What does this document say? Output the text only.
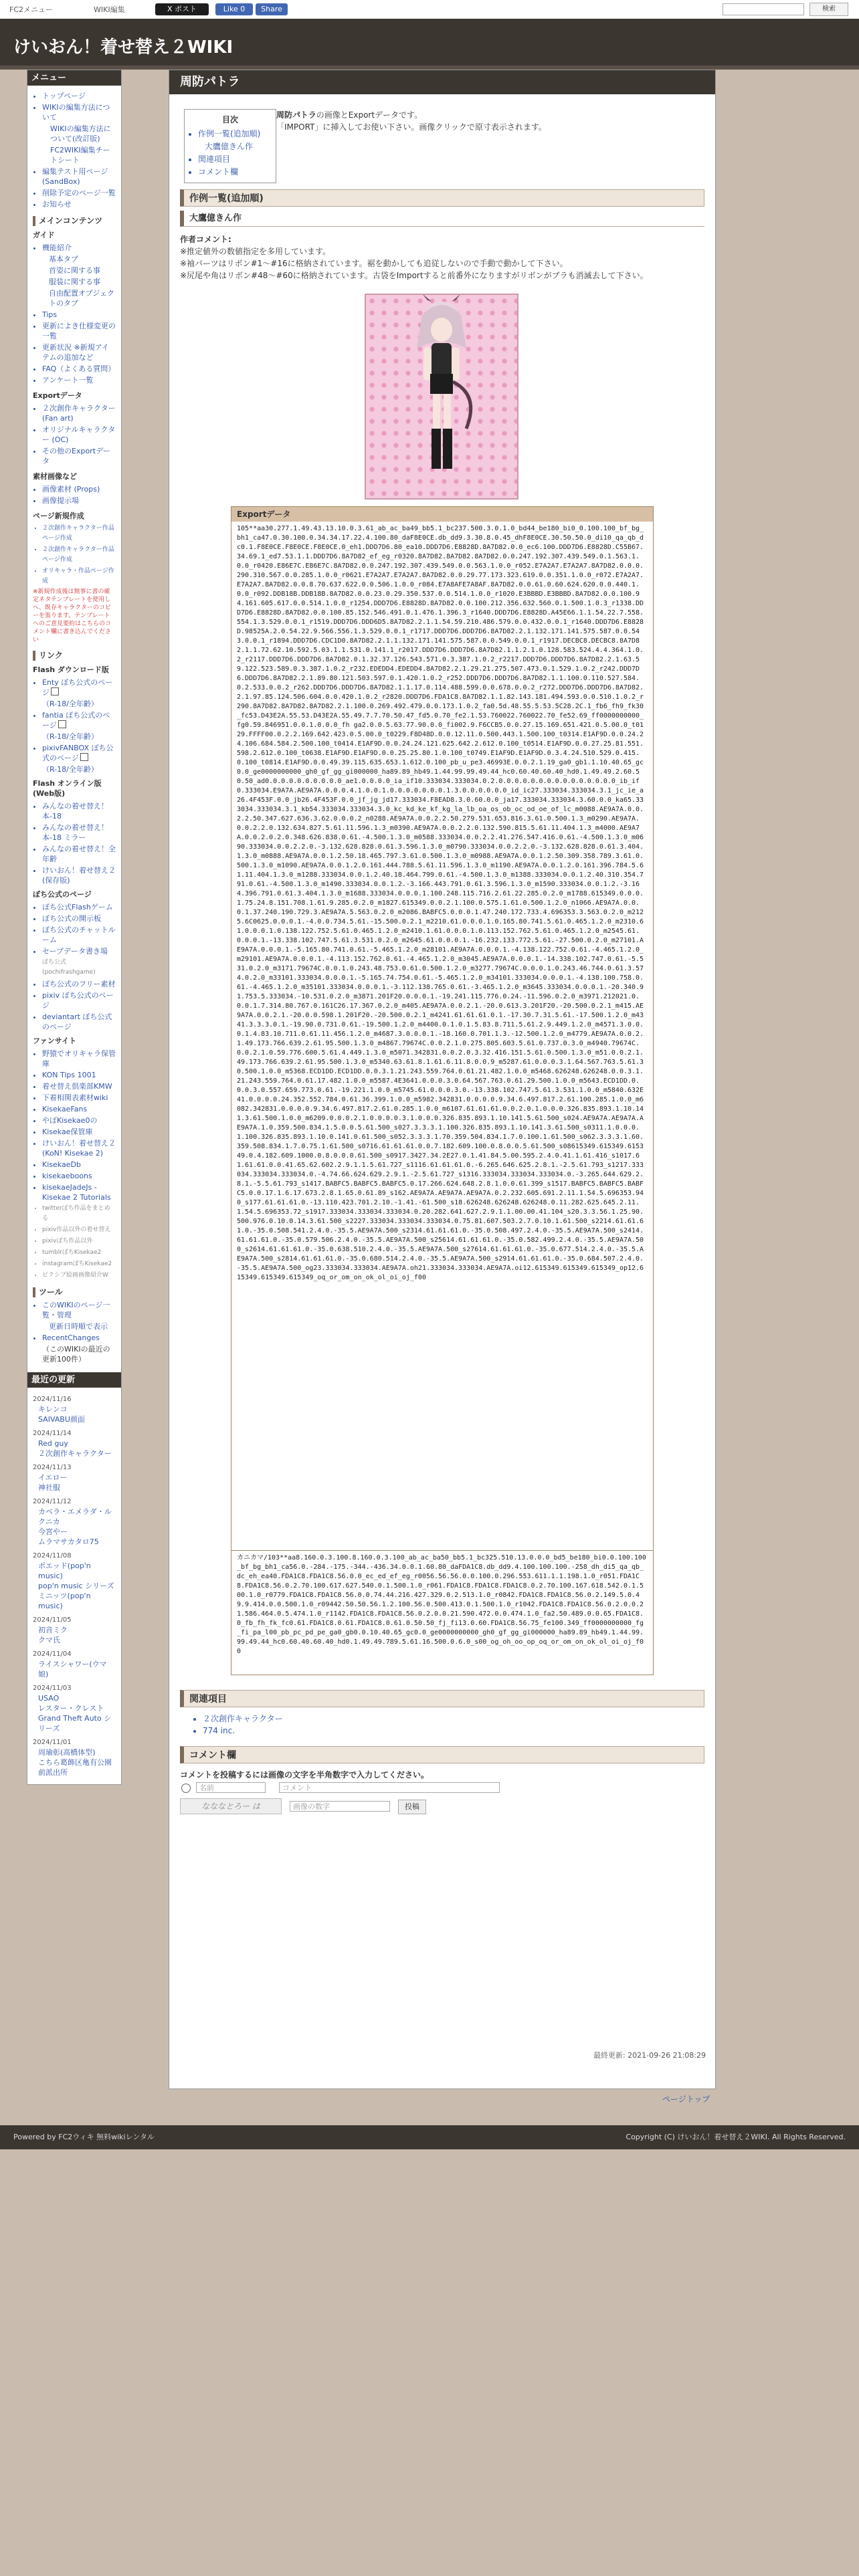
FC2メニュー	WIKI編集	X ポスト	Like 0	Share	検索
けいおん！着せ替え２WIKI
メニュー
• トップページ
• WIKIの編集方法について
WIKIの編集方法について(改訂版)
FC2WIKI編集チートシート
• 編集テスト用ページ(SandBox)
• 削除予定のページ一覧
• お知らせ
メインコンテンツ
ガイド
• 機能紹介
基本タブ
首姿に関する事
服装に関する事
自由配置オブジェクトのタブ
• Tips
• 更新によき仕様変更の一覧
• 更新状況 ※新規アイテムの追加など
• FAQ（よくある質問）
• アンケート一覧
Exportデータ
• ２次創作キャラクター (Fan art)
• オリジナルキャラクター (OC)
• その他のExportデータ
素材画像など
• 画像素材 (Props)
• 画像提示場
ページ新規作成
• ２次創作キャラクター作品ページ作成
• ２次創作キャラクター作品ページ作成
• オリキャラ・作品ページ作成
※新規作成後は無事に書の確定ネタテンプレートを使用しへ、既存キャラクターのコピーを張ります。テンプレートへのご意見要約はこちらのコメント欄に書き込んでください
リンク
Flash ダウンロード版
• Enty ぼち公式のページ
（R-18/全年齢）
• fantia ぼち公式のページ
（R-18/全年齢）
• pixivFANBOX ぼち公式のページ
（R-18/全年齢）
Flash オンライン版(Web版)
• みんなの着せ替え！本-18
• みんなの着せ替え！本-18 ミラー
• みんなの着せ替え！全年齢
• けいおん！着せ替え２(保存版)
ぼち公式のページ
• ぼち公式Flashゲーム
• ぼち公式の開示板
• ぼち公式のチャットルーム
• セーブデータ書き場
ぼち公式 (pochifrashgame)
• ぼち公式のフリー素材
• pixiv ぼち公式のページ
• deviantart ぼち公式のページ
ファンサイト
• 野猿でオリキャラ保管庫
• KON Tips 1001
• 着せ替え倶楽部KMW
• 下着相関表素材wiki
• KisekaeFans
• やぼKisekae0の
• Kisekae保管庫
• けいおん！着せ替え２ (KoN! Kisekae 2)
• KisekaeDb
• kisekaeboons
• kisekaeJadeJs - Kisekae 2 Tutorials
• twitterぼち作品をまとめる
• pixiv作品以外の着せ替え
• pixivぼち作品以外
• tumblrぼちKisekae2
• instagramぼちKisekae2
• ピクシブ絵画画像紹介W
ツール
• このWIKIのページ一覧・管理
更新日時順で表示
• RecentChanges
（このWIKIの最近の更新100件）
最近の更新
2024/11/16
キレンコ
SAIVABU颜面
2024/11/14
Red guy
２次創作キャラクター
2024/11/13
イエロー
神社服
2024/11/12
カベラ・エメラダ・ルクニカ
今宮やー
ムラマサカタロ75
2024/11/08
ポエッド(pop'n music)
pop'n music シリーズ
ミニッツ(pop'n music)
2024/11/05
初音ミク
クマ氏
2024/11/04
ライスシャワー(ウマ娘)
2024/11/03
USAO
レスター・クレスト
Grand Theft Auto シリーズ
2024/11/01
周瑜彰(高橋体型)
こちら葛飾区亀有公園前派出所
周防パトラ
目次
• 作例一覧(追加順)
大鷹億きん作
• 関連項目
• コメント欄
周防パトラの画像とExportデータです。
「IMPORT」に挿入してお使い下さい。画像クリックで原寸表示されます。
作例一覧(追加順)
大鷹億きん作
作者コメント:
※推定値外の数値指定を多用しています。
※袖パーツはリボン#1〜#16に格納されています。裾を動かしても追従しないので手動で動かして下さい。
※尻尾や角はリボン#48〜#60に格納されています。古袋をImportすると前番外になりますがリボンがブラも消滅去して下さい。
Exportデータ
105**aa30.277.1.49.43.13.10.0.3.61_ab_ac_ba49_bb5.1_bc237.500.3.0.1.0_bd44_be180_bi0_0.100.100_bf_bg_bh1_ca47.0.30.100.0.34.34.17.22.4.100.80_daF8E0CE.db_dd9.3.30.8.0.45_dhF8E0CE.30.50.50.0_di10_qa_qb_dc0.1.F8E0CE.F8E0CE.F8E0CE.0_eh1.DDD7D6.80_ea10.DDD7D6.E8828D.8A7D82.0.0_ec6.100.DDD7D6.E8828D.C55B67.34.69.1_ed7.53.1.1.DDD7D6.8A7D82_ef_eg_r0320.8A7D82.8A7D82.8A7D82.0.0.247.192.307.439.549.0.1.563.1.0.0_r0420.E86E7C.E86E7C.8A7D82.0.0.247.192.307.439.549.0.0.563.1.0.0_r052.E7A2A7.E7A2A7.8A7D82.0.0.0.290.310.567.0.0.285.1.0.0_r0621.E7A2A7.E7A2A7.8A7D82.0.0.29.77.173.323.619.0.0.351.1.0.0_r072.E7A2A7.E7A2A7.8A7D82.0.0.8.70.637.622.0.0.506.1.0.0_r084.E7A8AFE7A8AF.8A7D82.0.0.61.0.60.624.620.0.0.440.1.0.0_r092.DDB18B.DDB18B.8A7D82.0.0.23.0.29.350.537.0.0.514.1.0.0_r1020.E3BBBD.E3BBBD.8A7D82.0.0.100.94.161.605.617.0.0.514.1.0.0_r1254.DDD7D6.E8828D.8A7D82.0.0.100.212.356.632.560.0.1.500.1.0.3_r1338.DDD7D6.E8828D.8A7D82.0.0.100.85.152.546.491.0.1.476.1.396.3_r1640.DDD7D6.E8828D.A45E66.1.1.54.22.7.558.554.1.3.529.0.0.1_r1519.DDD7D6.DDD6D5.8A7D82.2.1.1.54.59.210.486.579.0.0.432.0.0.1_r1640.DDD7D6.E8828D.98525A.2.0.54.22.9.566.556.1.3.529.0.0.1_r1717.DDD7D6.DDD7D6.8A7D82.2.1.132.171.141.575.587.0.0.543.0.0.1_r1894.DDD7D6.CDC1D0.8A7D82.2.1.1.132.171.141.575.587.0.0.549.0.0.1_r1917.DECBC8.DECBC8.8A7D82.1.1.72.62.10.592.5.03.1.1.531.0.141.1_r2017.DDD7D6.DDD7D6.8A7D82.1.1.2.1.0.128.583.524.4.4.364.1.0.2_r2117.DDD7D6.DDD7D6.8A7D82.0.1.32.37.126.543.571.0.3.387.1.0.2_r2217.DDD7D6.DDD7D6.8A7D82.2.1.63.59.122.523.589.0.3.387.1.0.2_r232.EDEDD4.EDEDD4.8A7D82.2.1.29.21.275.507.473.0.1.529.1.0.2_r242.DDD7D6.DDD7D6.8A7D82.2.1.89.80.121.503.597.0.1.420.1.0.2_r252.DDD7D6.DDD7D6.8A7D82.1.1.100.0.110.527.584.0.2.533.0.0.2_r262.DDD7D6.DDD7D6.8A7D82.1.1.17.0.114.488.599.0.0.678.0.0.2_r272.DDD7D6.DDD7D6.8A7D82.2.1.97.85.124.506.604.0.0.420.1.0.2_r2820.DDD7D6.FDA1C8.8A7D82.1.1.82.143.181.494.593.0.0.510.1.0.2_r290.8A7D82.8A7D82.8A7D82.2.1.100.0.269.492.479.0.0.173.1.0.2_fa0.5d.48.55.5.53.5C28.2C.1_fb6_fh9_fk30_fc53.D43E2A.55.53.D43E2A.55.49.7.7.70.50.47_fd5.0.70_fe2.1.53.760022.760022.70_fe52.69_ff0000000000_fg0.59.846951.0.0.1.0.0.0_fh ga2.0.0.5.63.77.90.0.0_fi002.9.F6CCB5.0.0.27.15.169.651.421.0.5.00.0_t0129.FFFF00.0.2.2.169.642.423.0.5.00.0_t0229.F8D48D.0.0.12.11.0.500.443.1.500.100_t0314.E1AF9D.0.0.24.24.106.684.584.2.500.100_t0414.E1AF9D.0.0.24.24.121.625.642.2.612.0.100_t0514.E1AF9D.0.0.27.25.81.551.598.2.612.0.100_t0638.E1AF9D.E1AF9D.0.0.25.25.80.1.0.100_t0749.E1AF9D.E1AF9D.0.3.4.24.510.529.0.415.0.100_t0814.E1AF9D.0.0.49.39.115.635.653.1.612.0.100_pb_u_pe3.46993E.0.0.2.1.19_ga0_gb1.1.10.40.65_gc0.0_ge0000000000_gh0_gf_gg_gi000000_ha89.89_hb49.1.44.99.99.49.44_hc0.60.40.60.40_hd0.1.49.49.2.60.50.50_ad0.0.0.0.0.0.0.0.0.0_ae1.0.0.0.0_ia_if10.333034.333034.0.2.0.0.0.0.0.0.0.0.0.0.0.0.0.0.0_ib_if0.333034.E9A7A.AE9A7A.0.0.0.4.1.0.0.1.0.0.0.0.0.0.0.1.3.0.0.0.0.0.0_id_ic27.333034.333034.3.1_jc_ie_a26.4F453F.0.0_jb26.4F453F.0.0_jf_jg_jd17.333034.F8EAD8.3.0.60.0.0_ja17.333034.333034.3.60.0.0_ka65.333034.333034.3.1_kb54.333034.333034.3.0_kc_kd_ke_kf_kg_la_lb_oa_os_ob_oc_od_oe_of_lc_m0088.AE9A7A.0.0.2.2.50.347.627.636.3.62.0.0.0.2_n0288.AE9A7A.0.0.2.2.50.279.531.653.816.3.61.0.500.1.3_m0290.AE9A7A.0.0.2.2.0.132.634.827.5.61.11.596.1.3_m0390.AE9A7A.0.0.2.2.0.132.590.815.5.61.11.404.1.3_m4000.AE9A7A.0.0.2.0.2.0.348.626.838.0.61.-4.500.1.3.0_m0588.333034.0.0.2.2.41.276.547.416.0.61.-4.500.1.3.0_m0690.333034.0.0.2.2.0.-3.132.628.828.0.61.3.596.1.3.0_m0790.333034.0.0.2.2.0.-3.132.628.828.0.61.3.404.1.3.0_m0888.AE9A7A.0.0.1.2.50.18.465.797.3.61.0.500.1.3.0_m0988.AE9A7A.0.0.1.2.50.309.358.789.3.61.0.500.1.3.0_m1090.AE9A7A.0.0.1.2.0.161.444.788.5.61.11.596.1.3.0_m1190.AE9A7A.0.0.1.2.0.161.396.784.5.61.11.404.1.3.0_m1288.333034.0.0.1.2.40.18.464.799.0.61.-4.500.1.3.0_m1388.333034.0.0.1.2.40.310.354.791.0.61.-4.500.1.3.0_m1490.333034.0.0.1.2.-3.166.443.791.0.61.3.596.1.3.0_m1590.333034.0.0.1.2.-3.164.396.791.0.61.3.404.1.3.0_m1688.333034.0.0.0.1.100.248.115.716.2.61.22.285.0.2.0_m1788.615349.0.0.0.1.75.24.8.151.708.1.61.9.285.0.2.0_m1827.615349.0.0.2.1.100.0.575.1.61.0.500.1.2.0_n1066.AE9A7A.0.0.0.1.37.240.190.729.3.AE9A7A.5.563.0.2.0_m2086.BABFC5.0.0.0.1.47.240.172.733.4.696353.3.563.0.2.0_m2125.6C0625.0.0.0.1.-4.0.0.734.5.61.-15.500.0.2.1_m2210.61.0.0.0.1.0.165.80.741.5.61.0.465.1.2.0_m2310.61.0.0.0.1.0.138.122.752.5.61.0.465.1.2.0_m2410.1.61.0.0.0.1.0.113.152.762.5.61.0.465.1.2.0_m2545.61.0.0.0.1.-13.338.102.747.5.61.3.531.0.2.0_m2645.61.0.0.0.1.-16.232.133.772.5.61.-27.500.0.2.0_m27101.AE9A7A.0.0.0.1.-5.165.80.741.0.61.-5.465.1.2.0_m28101.AE9A7A.0.0.0.1.-4.138.122.752.0.61.-4.465.1.2.0_m29101.AE9A7A.0.0.0.1.-4.113.152.762.0.61.-4.465.1.2.0_m3045.AE9A7A.0.0.0.1.-14.338.102.747.0.61.-5.531.0.2.0_m3171.79674C.0.0.1.0.243.48.753.0.61.0.500.1.2.0_m3277.79674C.0.0.0.1.0.243.46.744.0.61.3.574.0.2.0_m33101.333034.0.0.0.1.-5.165.74.754.0.61.-5.465.1.2.0_m34101.333034.0.0.0.1.-4.138.100.758.0.61.-4.465.1.2.0_m35101.333034.0.0.0.1.-3.112.138.765.0.61.-3.465.1.2.0_m3645.333034.0.0.0.1.-20.340.91.753.5.333034.-10.531.0.2.0_m3871.201F20.0.0.0.1.-19.241.115.776.0.24.-11.596.0.2.0_m3971.212021.0.0.0.1.7.314.80.767.0.161C26.17.367.0.2.0_m405.AE9A7A.0.0.2.1.-20.0.613.3.201F20.-20.500.0.2.1_m415.AE9A7A.0.0.2.1.-20.0.0.598.1.201F20.-20.500.0.2.1_m4241.61.61.61.0.1.-17.30.7.31.5.61.-17.500.1.2.0_m4341.3.3.3.0.1.-19.90.0.731.0.61.-19.500.1.2.0_m4400.0.1.0.1.5.83.8.711.5.61.2.9.449.1.2.0_m4571.3.0.0.0.1.4.83.10.711.0.61.11.456.1.2.0_m4687.3.0.0.0.1.-18.160.0.701.1.3.-12.500.1.2.0_m4779.AE9A7A.0.0.2.1.49.173.766.639.2.61.95.500.1.3.0_m4867.79674C.0.0.2.1.0.275.805.603.5.61.0.737.0.3.0_m4940.79674C.0.0.2.1.0.59.776.600.5.61.4.449.1.3.0_m5071.342831.0.0.2.0.3.32.416.151.5.61.0.500.1.3.0_m51.0.0.2.1.49.173.766.639.2.61.95.500.1.3.0_m5340.63.61.8.1.61.6.11.8.0.0.9_m5287.61.0.0.0.3.1.64.567.763.5.61.30.500.1.0.0_m5368.ECD1DD.ECD1DD.0.0.3.1.21.243.559.764.0.61.21.482.1.0.0_m5468.626248.626248.0.0.3.1.21.243.559.764.0.61.17.482.1.0.0_m5587.4E3641.0.0.0.3.0.64.567.763.0.61.29.500.1.0.0_m5643.ECD1DD.0.0.0.3.0.557.659.773.0.61.-19.221.1.0.0_m5745.61.0.0.0.3.0.-13.338.102.747.5.61.3.531.1.0.0_m5840.632E41.0.0.0.0.24.352.552.784.0.61.36.399.1.0.0_m5982.342831.0.0.0.0.9.34.6.497.817.2.61.100.285.1.0.0_m6082.342831.0.0.0.0.9.34.6.497.817.2.61.0.285.1.0.0_m6107.61.61.61.0.0.2.0.1.0.0.0.326.835.893.1.10.141.3.61.500.1.0.0_m6209.0.0.0.2.1.0.0.0.0.3.1.0.0.0.326.835.893.1.10.141.5.61.500_s024.AE9A7A.AE9A7A.AE9A7A.1.0.359.500.834.1.5.0.0.5.61.500_s027.3.3.3.1.100.326.835.893.1.10.141.3.61.500_s0311.1.0.0.0.1.100.326.835.893.1.10.0.141.0.61.500_s052.3.3.3.1.70.359.504.834.1.7.0.100.1.61.500_s062.3.3.3.1.60.359.508.834.1.7.0.75.1.61.500_s0716.61.61.61.0.0.7.182.609.100.0.8.0.0.5.61.500_s08615349.615349.615349.0.4.182.609.1000.0.8.0.0.0.61.500_s0917.3427.34.2E27.0.1.41.84.5.00.595.2.4.0.41.1.61.416_s1017.61.61.61.0.0.41.65.62.602.2.9.1.1.5.61.727_s1116.61.61.61.0.-6.265.646.625.2.8.1.-2.5.61.793_s1217.333034.333034.333034.0.-4.74.66.624.629.2.9.1.-2.5.61.727_s1316.333034.333034.333034.0.-3.265.644.629.2.8.1.-5.5.61.793_s1417.BABFC5.BABFC5.BABFC5.0.17.266.624.648.2.8.1.0.0.61.399_s1517.BABFC5.BABFC5.BABFC5.0.0.17.1.6.17.673.2.8.1.65.0.61.89_s162.AE9A7A.AE9A7A.AE9A7A.0.2.232.605.691.2.11.1.54.5.696353.940_s177.61.61.61.0.-13.110.423.701.2.10.-1.41.-61.500_s18.626248.626248.626248.0.11.282.625.645.2.11.1.54.5.696353.72_s1917.333034.333034.333034.0.20.282.641.627.2.9.1.1.00.00.41.104_s20.3.3.56.1.25.90.500.976.0.10.0.14.3.61.500_s2227.333034.333034.333034.0.75.81.607.503.2.7.0.10.1.61.500_s2214.61.61.61.0.-35.0.508.541.2.4.0.-35.5.AE9A7A.500_s2314.61.61.61.0.-35.0.508.497.2.4.0.-35.5.AE9A7A.500_s2414.61.61.61.0.-35.0.579.506.2.4.0.-35.5.AE9A7A.500_s25614.61.61.61.0.-35.0.582.499.2.4.0.-35.5.AE9A7A.500_s2614.61.61.61.0.-35.0.638.510.2.4.0.-35.5.AE9A7A.500_s27614.61.61.61.0.-35.0.677.514.2.4.0.-35.5.AE9A7A.500_s2814.61.61.61.0.-35.0.680.514.2.4.0.-35.5.AE9A7A.500_s2914.61.61.61.0.-35.0.684.507.2.4.0.-35.5.AE9A7A.500_og23.333034.333034.AE9A7A.oh21.333034.333034.AE9A7A.oi12.615349.615349.615349_op12.615349.615349.615349_oq_or_om_on_ok_ol_oi_oj_f00
カニカマ/103**aa8.160.0.3.100.8.160.0.3.100_ab_ac_ba50_bb5.1_bc325.510.13.0.0.0_bd5_be180_bi0.0.100.100_bf_bg_bh1_ca56.0.-284.-175.-344.-436.34.0.0.1.60.80_daFDA1C8.db_dd9.4.100.100.100.-258_dh_di5_qa_qb_dc_eh_ea40.FDA1C8.FDA1C8.56.0.0_ec_ed_ef_eg_r0056.56.56.0.0.100.0.296.553.611.1.1.198.1.0_r051.FDA1C8.FDA1C8.56.0.2.70.100.617.627.540.0.1.500.1.0_r061.FDA1C8.FDA1C8.FDA1C8.0.2.70.100.167.618.542.0.1.500.1.0_r0779.FDA1C8.FDA1C8.56.0.0.74.44.216.427.329.0.2.513.1.0_r0842.FDA1C8.FDA1C8.56.0.2.149.5.0.49.9.414.0.0.500.1.0_r09442.50.50.56.1.2.100.56.0.500.413.0.1.500.1.0_r1042.FDA1C8.FDA1C8.56.0.2.0.0.21.586.464.0.5.474.1.0_r1142.FDA1C8.FDA1C8.56.0.2.0.0.21.590.472.0.0.474.1.0_fa2.50.489.0.0.65.FDA1C8.0_fb_fh_fk_fc0.61.FDA1C8.0.61.FDA1C8.0.61.0.50.50_fj_fi13.0.60.FDA1C8.56.75_fe100.349_ff0000000000_fg_fi_pa_l00_pb_pc_pd_pe_ga0_gb0.0.10.40.65_gc0.0_ge0000000000_gh0_gf_gg_gi000000_ha89.89_hb49.1.44.99.99.49.44_hc0.60.40.60.40_hd0.1.49.49.789.5.61.16.500.0.6.0_s00_og_oh_oo_op_oq_or_om_on_ok_ol_oi_oj_f00
関連項目
• ２次創作キャラクター
• 774 inc.
コメント欄
コメントを投稿するには画像の文字を半角数字で入力してください。
名前	コメント
なななとろー は	画像の数字	投稿
最終更新: 2021-09-26 21:08:29
ページトップ
Powered by FC2ウィキ 無料wikiレンタル	Copyright (C) けいおん！着せ替え２WIKI. All Rights Reserved.
